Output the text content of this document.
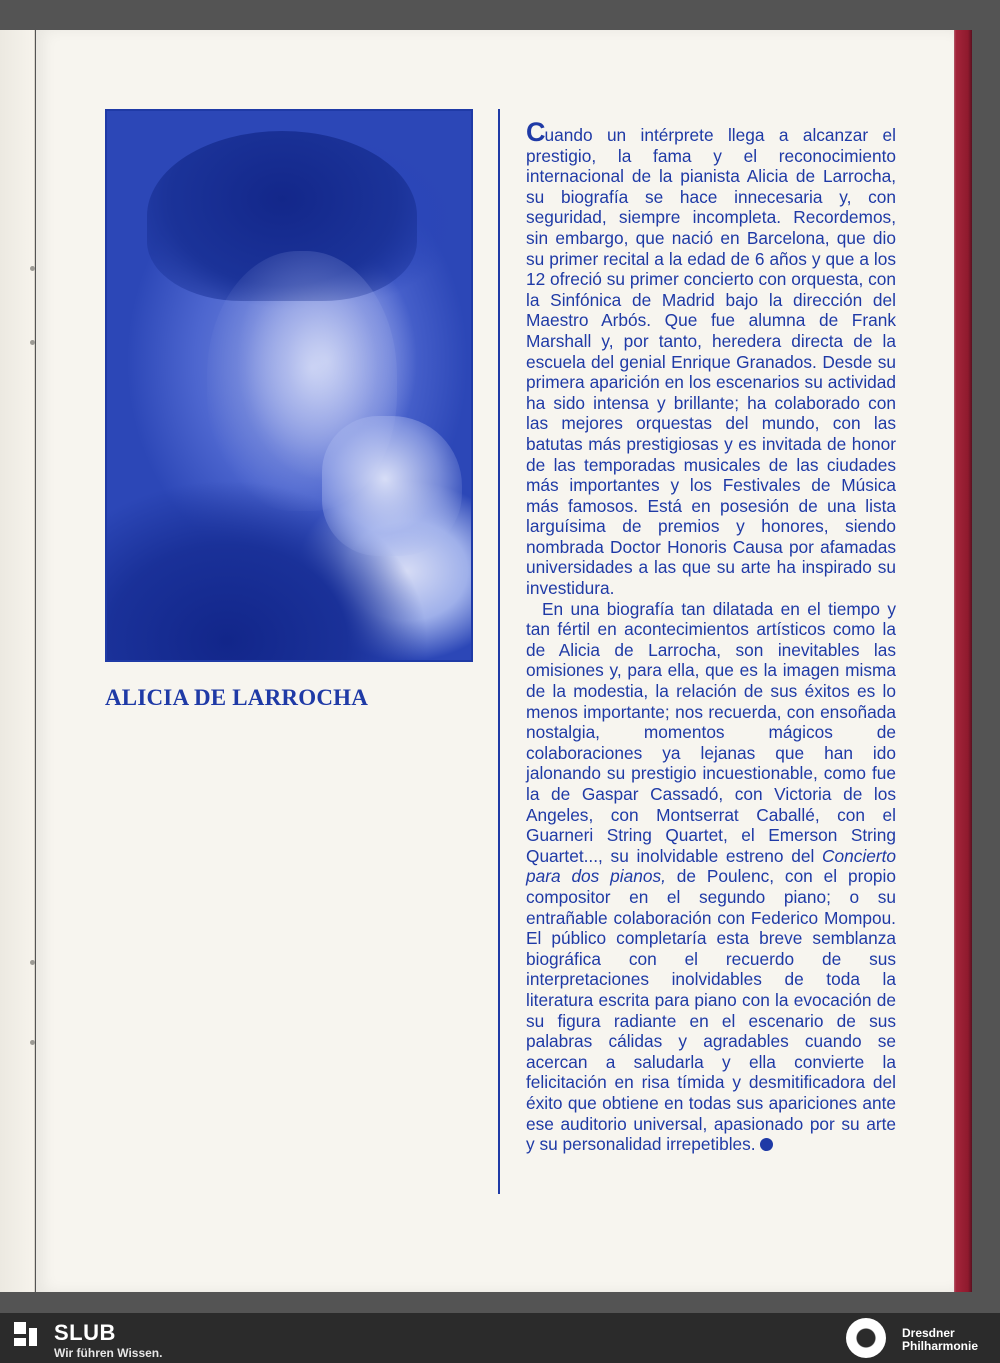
ALICIA DE LARROCHA

Cuando un intérprete llega a alcanzar el prestigio, la fama y el reconocimiento internacional de la pianista Alicia de Larrocha, su biografía se hace innecesaria y, con seguridad, siempre incompleta. Recordemos, sin embargo, que nació en Barcelona, que dio su primer recital a la edad de 6 años y que a los 12 ofreció su primer concierto con orquesta, con la Sinfónica de Madrid bajo la dirección del Maestro Arbós. Que fue alumna de Frank Marshall y, por tanto, heredera directa de la escuela del genial Enrique Granados. Desde su primera aparición en los escenarios su actividad ha sido intensa y brillante; ha colaborado con las mejores orquestas del mundo, con las batutas más prestigiosas y es invitada de honor de las temporadas musicales de las ciudades más importantes y los Festivales de Música más famosos. Está en posesión de una lista larguísima de premios y honores, siendo nombrada Doctor Honoris Causa por afamadas universidades a las que su arte ha inspirado su investidura.

En una biografía tan dilatada en el tiempo y tan fértil en acontecimientos artísticos como la de Alicia de Larrocha, son inevitables las omisiones y, para ella, que es la imagen misma de la modestia, la relación de sus éxitos es lo menos importante; nos recuerda, con ensoñada nostalgia, momentos mágicos de colaboraciones ya lejanas que han ido jalonando su prestigio incuestionable, como fue la de Gaspar Cassadó, con Victoria de los Angeles, con Montserrat Caballé, con el Guarneri String Quartet, el Emerson String Quartet..., su inolvidable estreno del Concierto para dos pianos, de Poulenc, con el propio compositor en el segundo piano; o su entrañable colaboración con Federico Mompou. El público completaría esta breve semblanza biográfica con el recuerdo de sus interpretaciones inolvidables de toda la literatura escrita para piano con la evocación de su figura radiante en el escenario de sus palabras cálidas y agradables cuando se acercan a saludarla y ella convierte la felicitación en risa tímida y desmitificadora del éxito que obtiene en todas sus apariciones ante ese auditorio universal, apasionado por su arte y su personalidad irrepetibles.

SLUB
Wir führen Wissen.
Dresdner
Philharmonie
